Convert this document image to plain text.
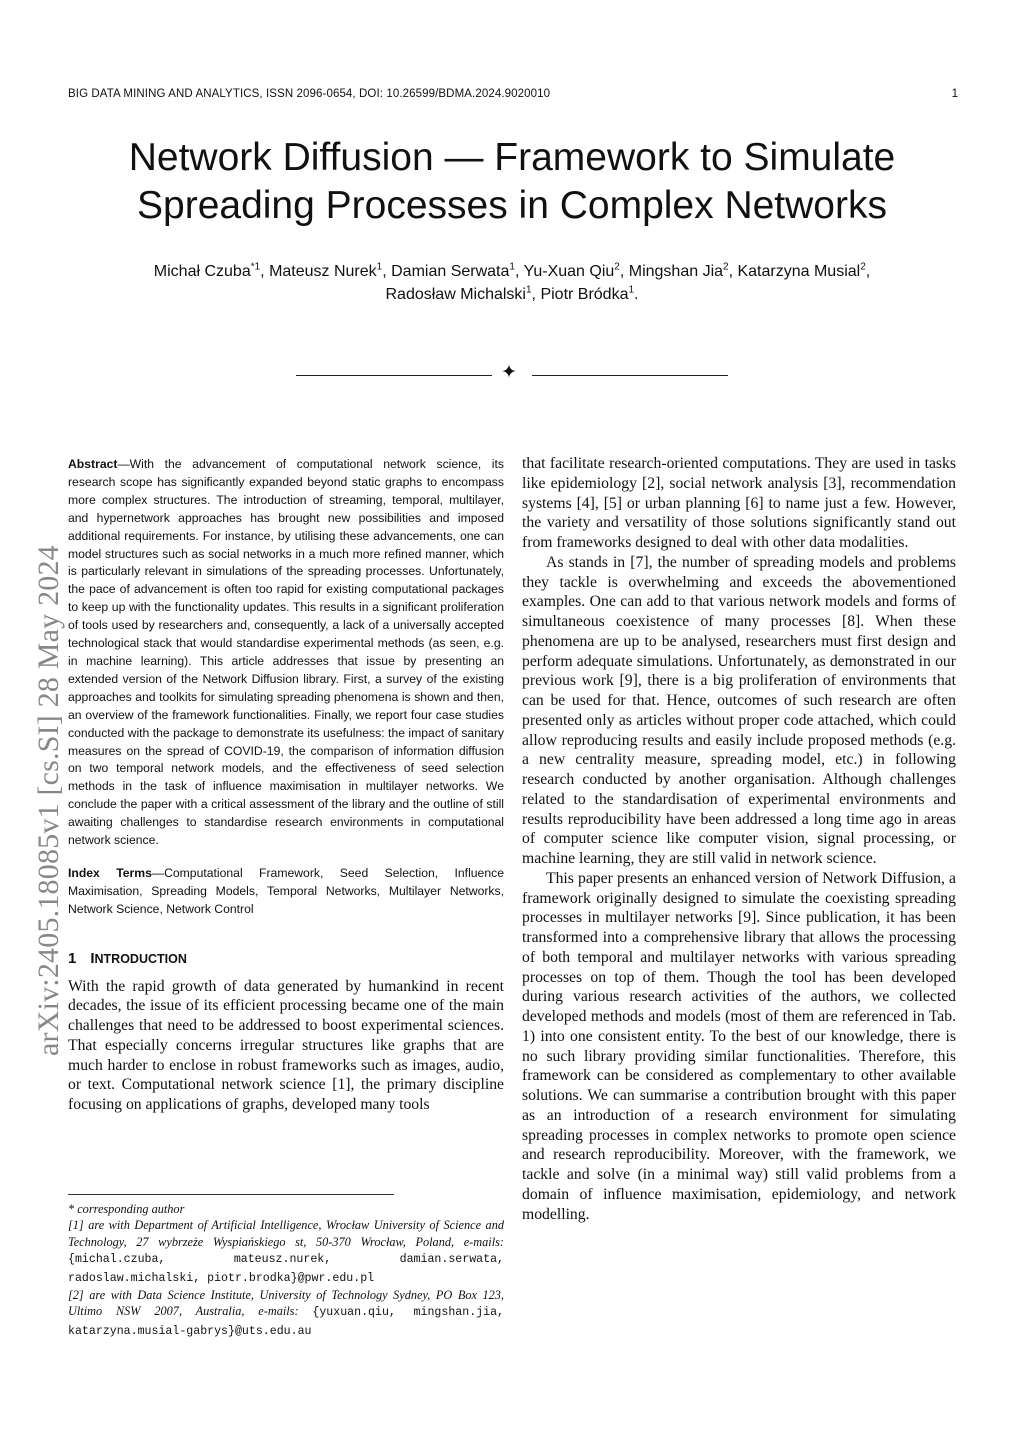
BIG DATA MINING AND ANALYTICS, ISSN 2096-0654, DOI: 10.26599/BDMA.2024.9020010	1
Network Diffusion — Framework to Simulate
Spreading Processes in Complex Networks
Michał Czuba$^{*1}$, Mateusz Nurek$^1$, Damian Serwata$^1$, Yu-Xuan Qiu$^2$, Mingshan Jia$^2$, Katarzyna Musial$^2$,
Radosław Michalski$^1$, Piotr Bródka$^1$.
✦
arXiv:2405.18085v1 [cs.SI] 28 May 2024

Abstract—With the advancement of computational network science, its research scope has significantly expanded beyond static graphs to encompass more complex structures. The introduction of streaming, temporal, multilayer, and hypernetwork approaches has brought new possibilities and imposed additional requirements. For instance, by utilising these advancements, one can model structures such as social networks in a much more refined manner, which is particularly relevant in simulations of the spreading processes. Unfortunately, the pace of advancement is often too rapid for existing computational packages to keep up with the functionality updates. This results in a significant proliferation of tools used by researchers and, consequently, a lack of a universally accepted technological stack that would standardise experimental methods (as seen, e.g. in machine learning). This article addresses that issue by presenting an extended version of the Network Diffusion library. First, a survey of the existing approaches and toolkits for simulating spreading phenomena is shown and then, an overview of the framework functionalities. Finally, we report four case studies conducted with the package to demonstrate its usefulness: the impact of sanitary measures on the spread of COVID-19, the comparison of information diffusion on two temporal network models, and the effectiveness of seed selection methods in the task of influence maximisation in multilayer networks. We conclude the paper with a critical assessment of the library and the outline of still awaiting challenges to standardise research environments in computational network science.

Index Terms—Computational Framework, Seed Selection, Influence Maximisation, Spreading Models, Temporal Networks, Multilayer Networks, Network Science, Network Control

1 INTRODUCTION

With the rapid growth of data generated by humankind in recent decades, the issue of its efficient processing became one of the main challenges that need to be addressed to boost experimental sciences. That especially concerns irregular structures like graphs that are much harder to enclose in robust frameworks such as images, audio, or text. Computational network science [1], the primary discipline focusing on applications of graphs, developed many tools

* corresponding author

[1] are with Department of Artificial Intelligence, Wrocław University of Science and Technology, 27 wybrzeże Wyspiańskiego st, 50-370 Wrocław, Poland, e-mails: {michal.czuba, mateusz.nurek, damian.serwata, radoslaw.michalski, piotr.brodka}@pwr.edu.pl

[2] are with Data Science Institute, University of Technology Sydney, PO Box 123, Ultimo NSW 2007, Australia, e-mails: {yuxuan.qiu, mingshan.jia, katarzyna.musial-gabrys}@uts.edu.au

that facilitate research-oriented computations. They are used in tasks like epidemiology [2], social network analysis [3], recommendation systems [4], [5] or urban planning [6] to name just a few. However, the variety and versatility of those solutions significantly stand out from frameworks designed to deal with other data modalities.

As stands in [7], the number of spreading models and problems they tackle is overwhelming and exceeds the abovementioned examples. One can add to that various network models and forms of simultaneous coexistence of many processes [8]. When these phenomena are up to be analysed, researchers must first design and perform adequate simulations. Unfortunately, as demonstrated in our previous work [9], there is a big proliferation of environments that can be used for that. Hence, outcomes of such research are often presented only as articles without proper code attached, which could allow reproducing results and easily include proposed methods (e.g. a new centrality measure, spreading model, etc.) in following research conducted by another organisation. Although challenges related to the standardisation of experimental environments and results reproducibility have been addressed a long time ago in areas of computer science like computer vision, signal processing, or machine learning, they are still valid in network science.

This paper presents an enhanced version of Network Diffusion, a framework originally designed to simulate the coexisting spreading processes in multilayer networks [9]. Since publication, it has been transformed into a comprehensive library that allows the processing of both temporal and multilayer networks with various spreading processes on top of them. Though the tool has been developed during various research activities of the authors, we collected developed methods and models (most of them are referenced in Tab. 1) into one consistent entity. To the best of our knowledge, there is no such library providing similar functionalities. Therefore, this framework can be considered as complementary to other available solutions. We can summarise a contribution brought with this paper as an introduction of a research environment for simulating spreading processes in complex networks to promote open science and research reproducibility. Moreover, with the framework, we tackle and solve (in a minimal way) still valid problems from a domain of influence maximisation, epidemiology, and network modelling.
